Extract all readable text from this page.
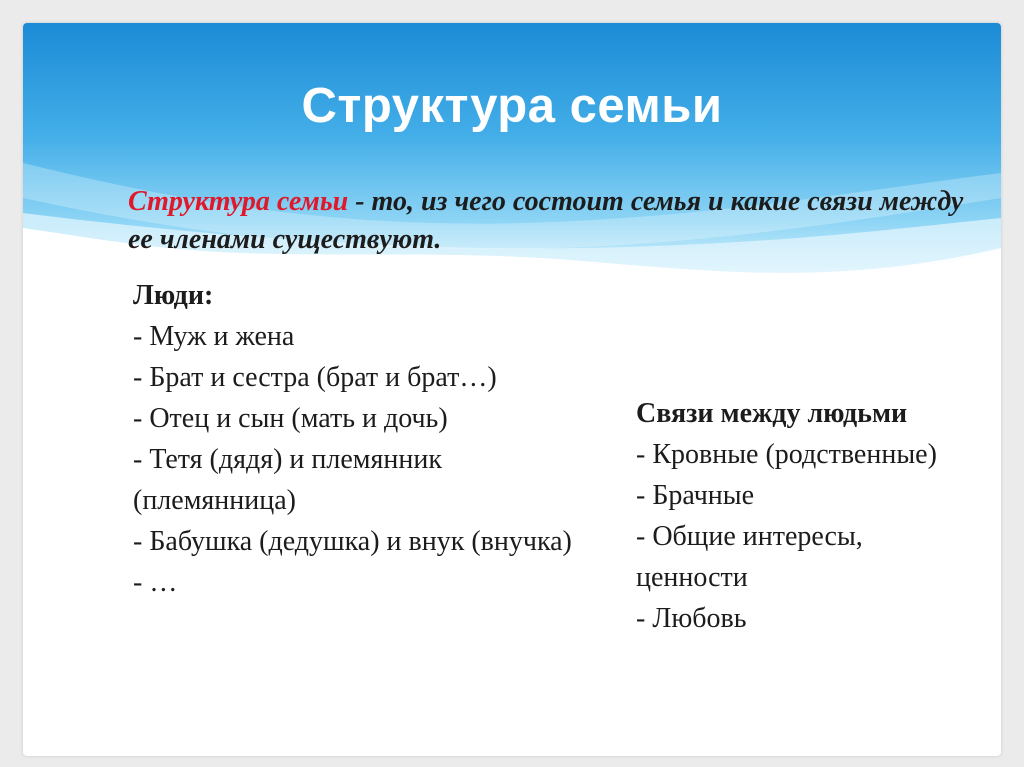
Структура семьи

Структура семьи - то, из чего состоит семья и какие связи между ее членами существуют.

Люди:
- Муж и жена
- Брат и сестра (брат и брат…)
- Отец и сын (мать и дочь)
- Тетя (дядя) и племянник (племянница)
- Бабушка (дедушка) и внук (внучка)
- …
Связи между людьми
- Кровные (родственные)
- Брачные
- Общие интересы, ценности
- Любовь
